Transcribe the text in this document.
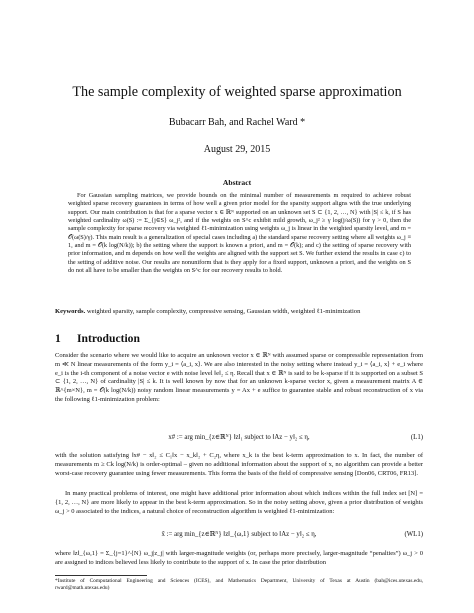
The sample complexity of weighted sparse approximation
Bubacarr Bah, and Rachel Ward *
August 29, 2015
Abstract

For Gaussian sampling matrices, we provide bounds on the minimal number of measurements m required to achieve robust weighted sparse recovery guarantees in terms of how well a given prior model for the sparsity support aligns with the true underlying support. Our main contribution is that for a sparse vector x ∈ ℝᴺ supported on an unknown set S ⊂ {1, 2, …, N} with |S| ≤ k, if S has weighted cardinality ω(S) := Σ_{j∈S} ω_j², and if the weights on S^c exhibit mild growth, ω_j² ≥ γ log(j/ω(S)) for γ > 0, then the sample complexity for sparse recovery via weighted ℓ1-minimization using weights ω_j is linear in the weighted sparsity level, and m = 𝒪(ω(S)/γ). This main result is a generalization of special cases including a) the standard sparse recovery setting where all weights ω_j ≡ 1, and m = 𝒪(k log(N/k)); b) the setting where the support is known a priori, and m = 𝒪(k); and c) the setting of sparse recovery with prior information, and m depends on how well the weights are aligned with the support set S. We further extend the results in case c) to the setting of additive noise. Our results are nonuniform that is they apply for a fixed support, unknown a priori, and the weights on S do not all have to be smaller than the weights on S^c for our recovery results to hold.

Keywords. weighted sparsity, sample complexity, compressive sensing, Gaussian width, weighted ℓ1-minimization
1 Introduction

Consider the scenario where we would like to acquire an unknown vector x ∈ ℝᴺ with assumed sparse or compressible representation from m ≪ N linear measurements of the form y_i = ⟨a_i, x⟩. We are also interested in the noisy setting where instead y_i = ⟨a_i, x⟩ + e_i where e_i is the i-th component of a noise vector e with noise level ‖e‖₂ ≤ η. Recall that x ∈ ℝᴺ is said to be k-sparse if it is supported on a subset S ⊂ {1, 2, …, N} of cardinality |S| ≤ k. It is well known by now that for an unknown k-sparse vector x, given a measurement matrix A ∈ ℝ^{m×N}, m = 𝒪(k log(N/k)) noisy random linear measurements y = Ax + e suffice to guarantee stable and robust reconstruction of x via the following ℓ1-minimization problem:

x# := arg min_{z∈ℝᴺ} ‖z‖₁ subject to ‖Az − y‖₂ ≤ η,	(L1)

with the solution satisfying ‖x# − x‖₂ ≤ C₁‖x − x_k‖₂ + C₂η, where x_k is the best k-term approximation to x. In fact, the number of measurements m ≥ Ck log(N/k) is order-optimal – given no additional information about the support of x, no algorithm can provide a better worst-case recovery guarantee using fewer measurements. This forms the basis of the field of compressive sensing [Don06, CRT06, FR13].

In many practical problems of interest, one might have additional prior information about which indices within the full index set [N] = {1, 2, …, N} are more likely to appear in the best k-term approximation. So in the noisy setting above, given a prior distribution of weights ω_j > 0 associated to the indices, a natural choice of reconstruction algorithm is weighted ℓ1-minimization:

x̃ := arg min_{z∈ℝᴺ} ‖z‖_{ω,1} subject to ‖Az − y‖₂ ≤ η,	(WL1)

where ‖z‖_{ω,1} = Σ_{j=1}^{N} ω_j|z_j| with larger-magnitude weights (or, perhaps more precisely, larger-magnitude “penalties”) ω_j > 0 are assigned to indices believed less likely to contribute to the support of x. In case the prior distribution

*Institute of Computational Engineering and Sciences (ICES), and Mathematics Department, University of Texas at Austin (bah@ices.utexas.edu, rward@math.utexas.edu)
